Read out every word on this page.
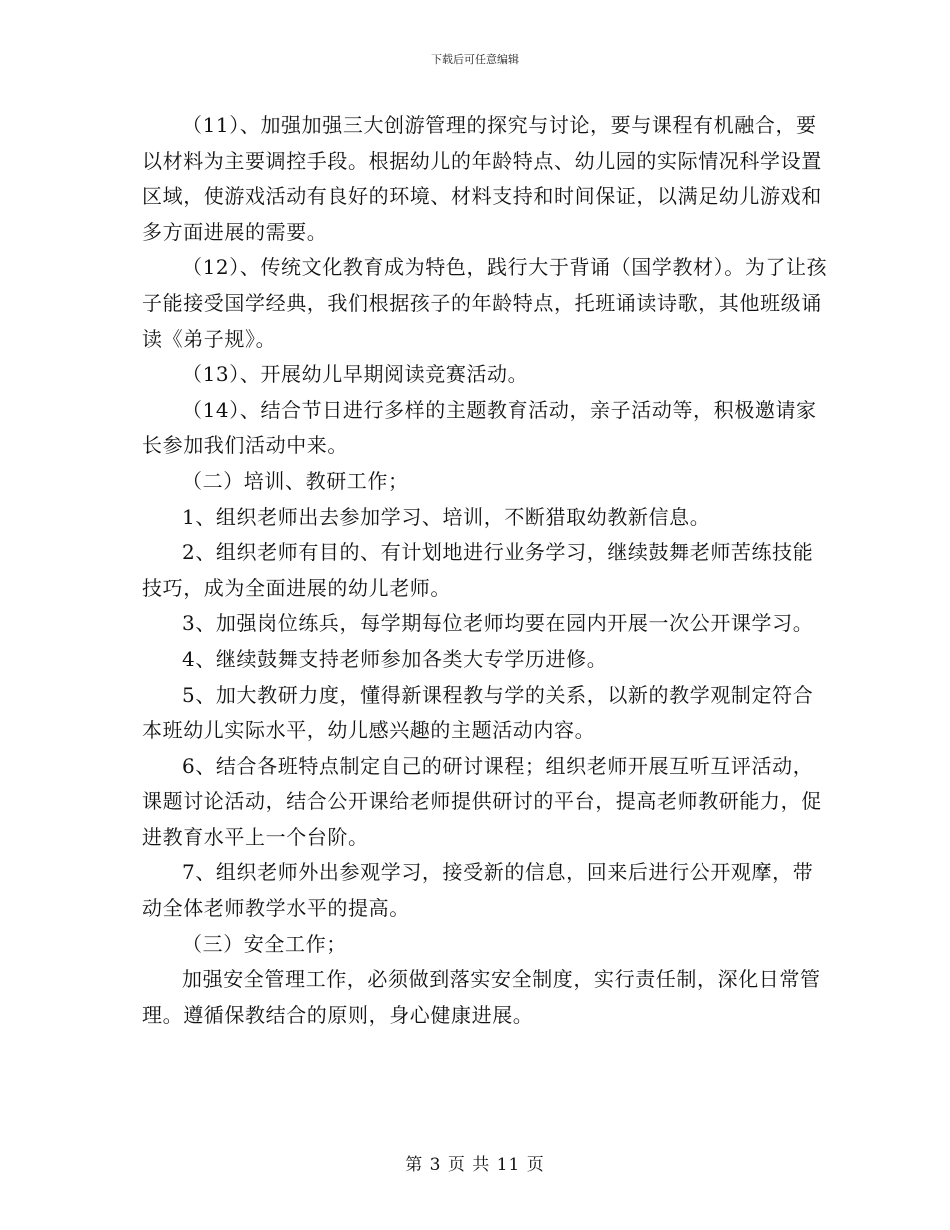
下载后可任意编辑

（11）、加强加强三大创游管理的探究与讨论，要与课程有机融合，要以材料为主要调控手段。根据幼儿的年龄特点、幼儿园的实际情况科学设置区域，使游戏活动有良好的环境、材料支持和时间保证，以满足幼儿游戏和多方面进展的需要。

（12）、传统文化教育成为特色，践行大于背诵（国学教材）。为了让孩子能接受国学经典，我们根据孩子的年龄特点，托班诵读诗歌，其他班级诵读《弟子规》。

（13）、开展幼儿早期阅读竞赛活动。

（14）、结合节日进行多样的主题教育活动，亲子活动等，积极邀请家长参加我们活动中来。

（二）培训、教研工作；

1、组织老师出去参加学习、培训，不断猎取幼教新信息。

2、组织老师有目的、有计划地进行业务学习，继续鼓舞老师苦练技能技巧，成为全面进展的幼儿老师。

3、加强岗位练兵，每学期每位老师均要在园内开展一次公开课学习。

4、继续鼓舞支持老师参加各类大专学历进修。

5、加大教研力度，懂得新课程教与学的关系，以新的教学观制定符合本班幼儿实际水平，幼儿感兴趣的主题活动内容。

6、结合各班特点制定自己的研讨课程；组织老师开展互听互评活动，课题讨论活动，结合公开课给老师提供研讨的平台，提高老师教研能力，促进教育水平上一个台阶。

7、组织老师外出参观学习，接受新的信息，回来后进行公开观摩，带动全体老师教学水平的提高。

（三）安全工作；

加强安全管理工作，必须做到落实安全制度，实行责任制，深化日常管理。遵循保教结合的原则，身心健康进展。

第 3 页 共 11 页
